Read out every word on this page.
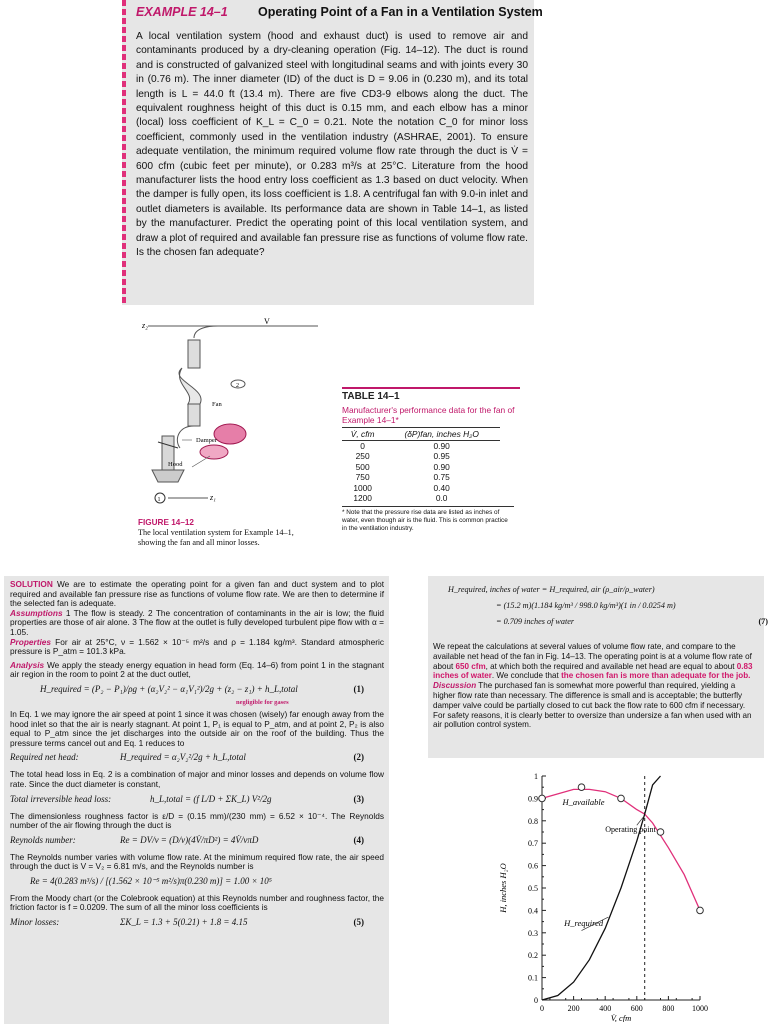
EXAMPLE 14–1 Operating Point of a Fan in a Ventilation System
A local ventilation system (hood and exhaust duct) is used to remove air and contaminants produced by a dry-cleaning operation (Fig. 14–12). The duct is round and is constructed of galvanized steel with longitudinal seams and with joints every 30 in (0.76 m). The inner diameter (ID) of the duct is D = 9.06 in (0.230 m), and its total length is L = 44.0 ft (13.4 m). There are five CD3-9 elbows along the duct. The equivalent roughness height of this duct is 0.15 mm, and each elbow has a minor (local) loss coefficient of K_L = C_0 = 0.21. Note the notation C_0 for minor loss coefficient, commonly used in the ventilation industry (ASHRAE, 2001). To ensure adequate ventilation, the minimum required volume flow rate through the duct is V̇ = 600 cfm (cubic feet per minute), or 0.283 m³/s at 25°C. Literature from the hood manufacturer lists the hood entry loss coefficient as 1.3 based on duct velocity. When the damper is fully open, its loss coefficient is 1.8. A centrifugal fan with 9.0-in inlet and outlet diameters is available. Its performance data are shown in Table 14–1, as listed by the manufacturer. Predict the operating point of this local ventilation system, and draw a plot of required and available fan pressure rise as functions of volume flow rate. Is the chosen fan adequate?
z₂	V̇
Fan
Damper
Hood
1
2
z₁
FIGURE 14–12
The local ventilation system for Example 14–1, showing the fan and all minor losses.
TABLE 14–1
Manufacturer's performance data for the fan of Example 14–1*
V̇, cfm	(δP)fan, inches H₂O
0	0.90
250	0.95
500	0.90
750	0.75
1000	0.40
1200	0.0
* Note that the pressure rise data are listed as inches of water, even though air is the fluid. This is common practice in the ventilation industry.
SOLUTION We are to estimate the operating point for a given fan and duct system and to plot required and available fan pressure rise as functions of volume flow rate. We are then to determine if the selected fan is adequate.
Assumptions 1 The flow is steady. 2 The concentration of contaminants in the air is low; the fluid properties are those of air alone. 3 The flow at the outlet is fully developed turbulent pipe flow with α = 1.05.
Properties For air at 25°C, ν = 1.562 × 10⁻⁵ m²/s and ρ = 1.184 kg/m³. Standard atmospheric pressure is P_atm = 101.3 kPa.
Analysis We apply the steady energy equation in head form (Eq. 14–6) from point 1 in the stagnant air region in the room to point 2 at the duct outlet,
H_required = (P₂ − P₁)/ρg + (α₂V₂² − α₁V₁²)/2g + (z₂ − z₁) + h_L,total	(1)
negligible for gases
In Eq. 1 we may ignore the air speed at point 1 since it was chosen (wisely) far enough away from the hood inlet so that the air is nearly stagnant. At point 1, P₁ is equal to P_atm, and at point 2, P₂ is also equal to P_atm since the jet discharges into the outside air on the roof of the building. Thus the pressure terms cancel out and Eq. 1 reduces to
Required net head:	H_required = α₂V₂²/2g + h_L,total	(2)
The total head loss in Eq. 2 is a combination of major and minor losses and depends on volume flow rate. Since the duct diameter is constant,
Total irreversible head loss:	h_L,total = (f L/D + ΣK_L) V²/2g	(3)
The dimensionless roughness factor is ε/D = (0.15 mm)/(230 mm) = 6.52 × 10⁻⁴. The Reynolds number of the air flowing through the duct is
Reynolds number:	Re = DV/ν = (D/ν)(4V̇/πD²) = 4V̇/νπD	(4)
The Reynolds number varies with volume flow rate. At the minimum required flow rate, the air speed through the duct is V = V₂ = 6.81 m/s, and the Reynolds number is
Re = 4(0.283 m³/s) / [(1.562 × 10⁻⁵ m²/s)π(0.230 m)] = 1.00 × 10⁵
From the Moody chart (or the Colebrook equation) at this Reynolds number and roughness factor, the friction factor is f = 0.0209. The sum of all the minor loss coefficients is
Minor losses:	ΣK_L = 1.3 + 5(0.21) + 1.8 = 4.15	(5)
H_required, inches of water = H_required, air (ρ_air/ρ_water)
= (15.2 m)(1.184 kg/m³ / 998.0 kg/m³)(1 in / 0.0254 m)
= 0.709 inches of water	(7)
We repeat the calculations at several values of volume flow rate, and compare to the available net head of the fan in Fig. 14–13. The operating point is at a volume flow rate of about 650 cfm, at which both the required and available net head are equal to about 0.83 inches of water. We conclude that the chosen fan is more than adequate for the job.
Discussion The purchased fan is somewhat more powerful than required, yielding a higher flow rate than necessary. The difference is small and is acceptable; the butterfly damper valve could be partially closed to cut back the flow rate to 600 cfm if necessary. For safety reasons, it is clearly better to oversize than undersize a fan when used with an air pollution control system.
0
0.1
0.2
0.3
0.4
0.5
0.6
0.7
0.8
0.9
1
0	200 400 600 800 1000
V̇, cfm
H, inches H₂O
H_available
H_required
Operating point
